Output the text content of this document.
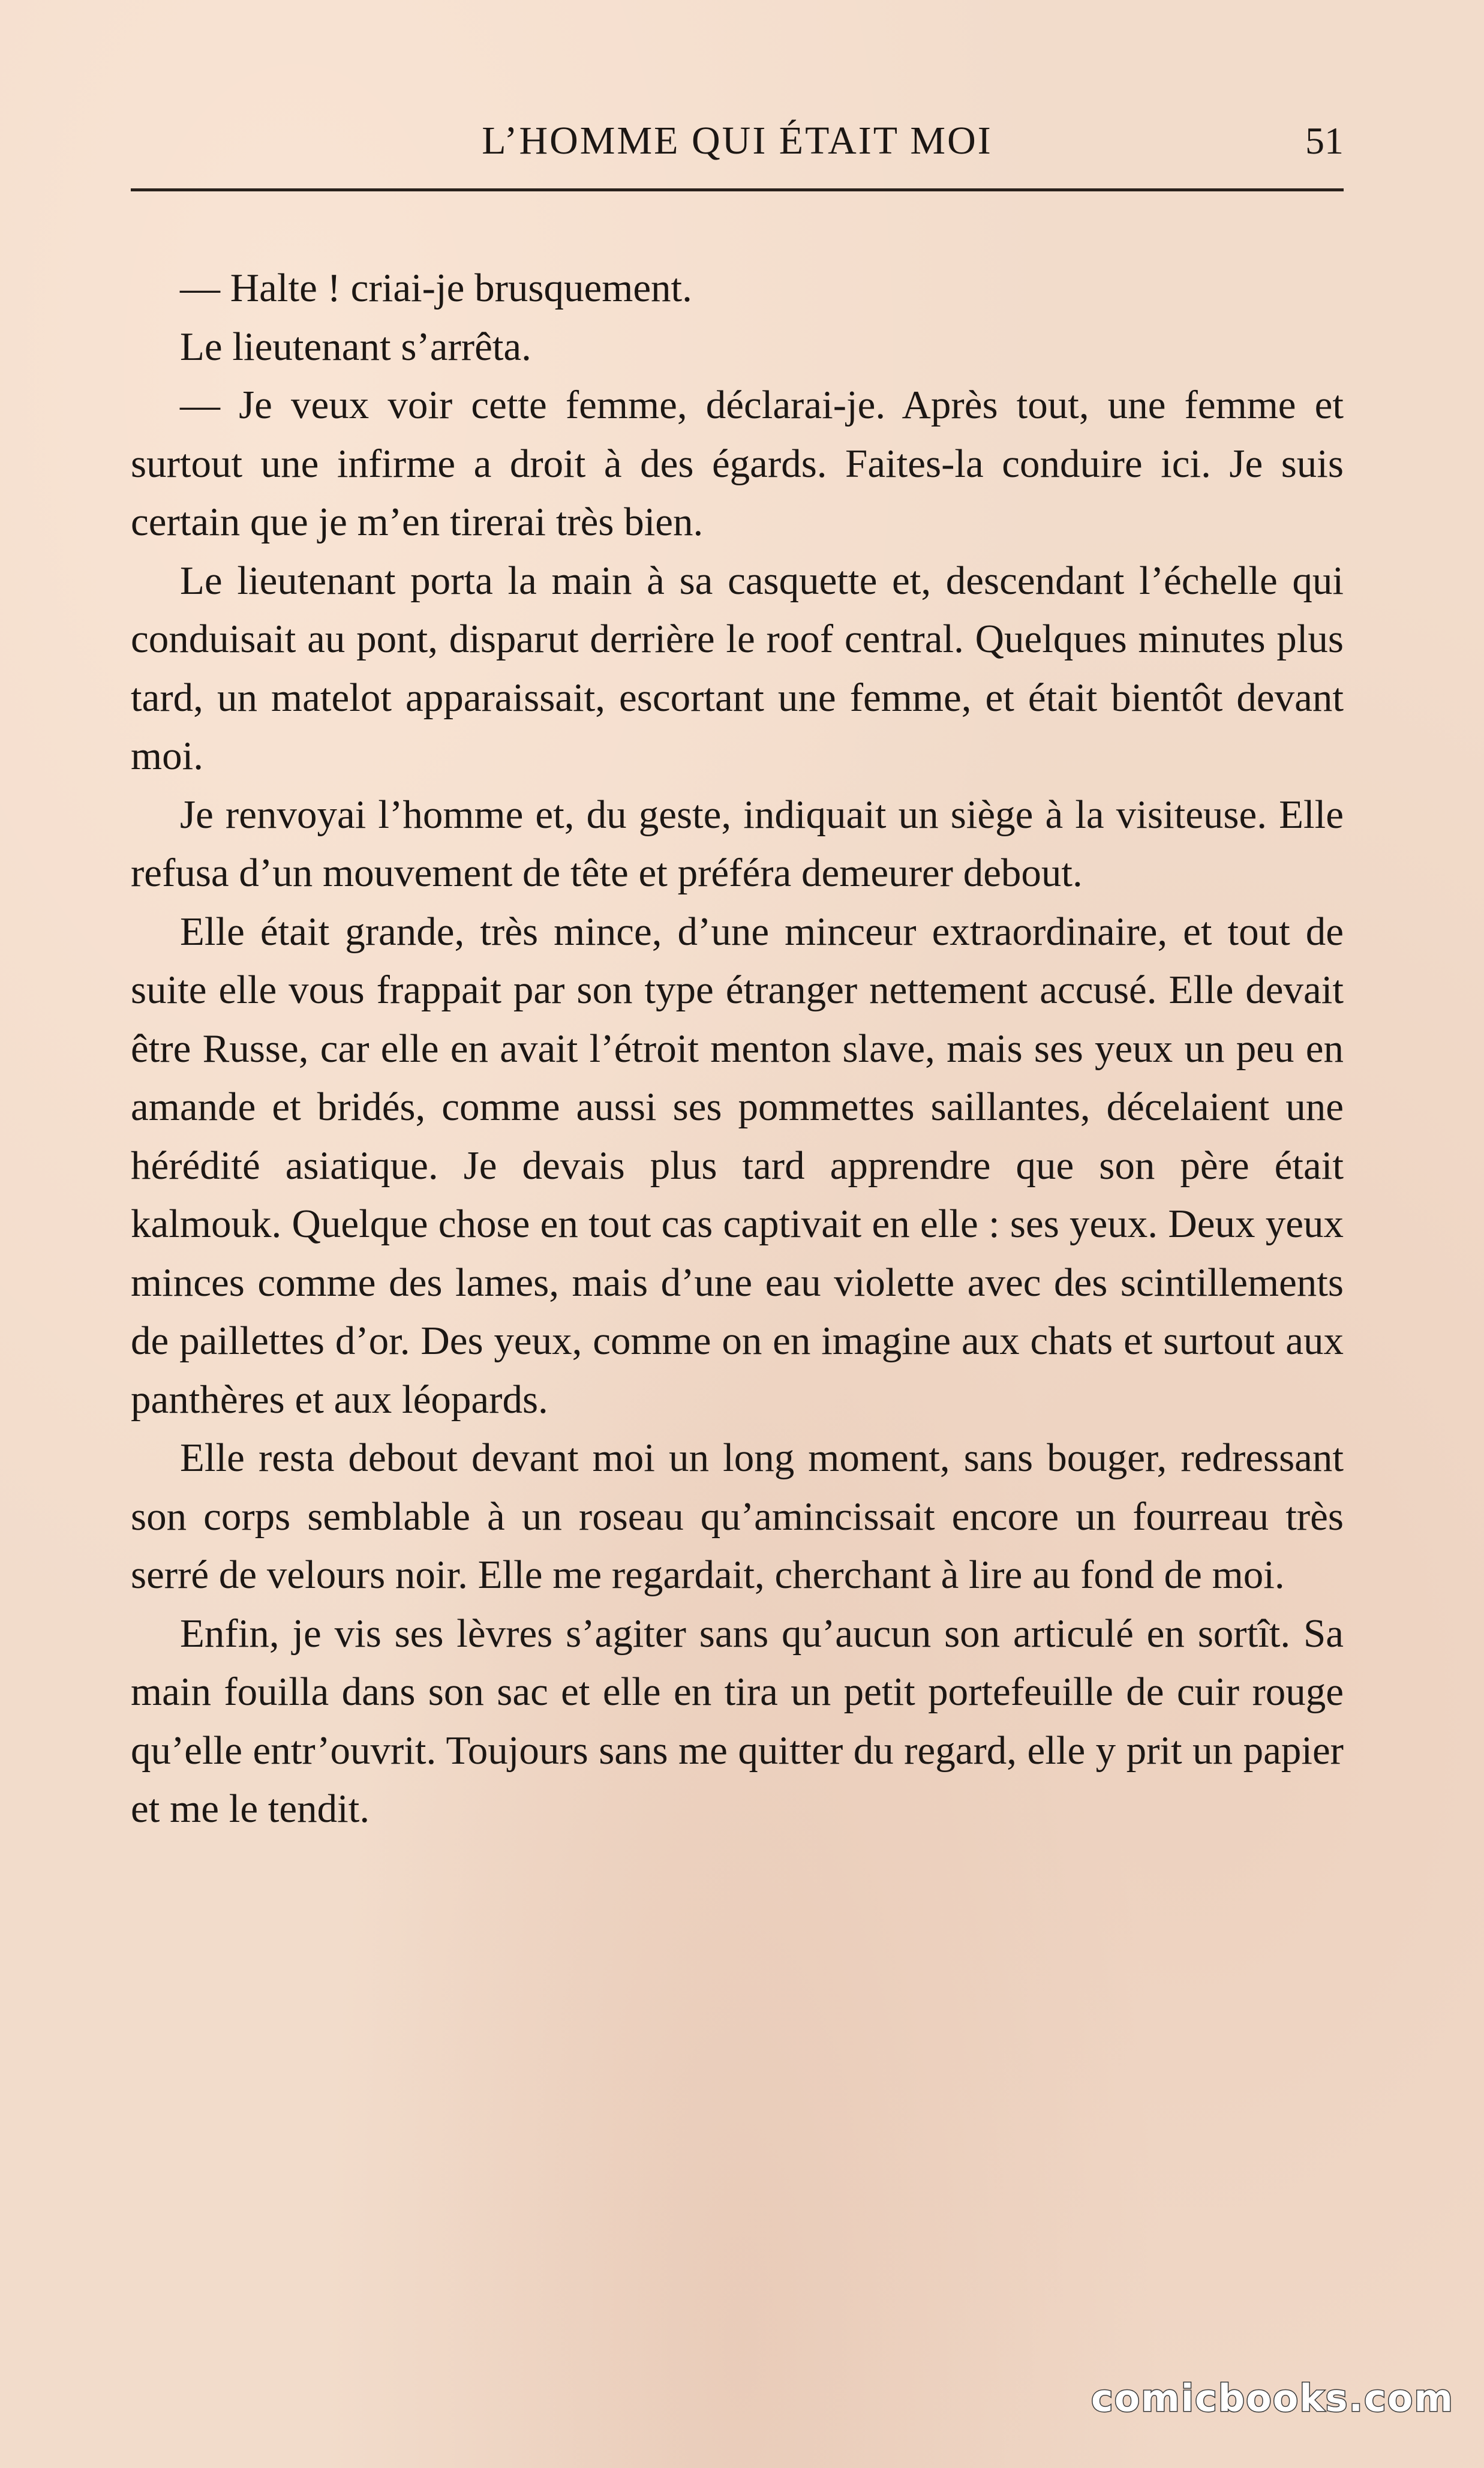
L’HOMME QUI ÉTAIT MOI	51

— Halte ! criai-je brusquement.

Le lieutenant s’arrêta.

— Je veux voir cette femme, déclarai-je. Après tout, une femme et surtout une infirme a droit à des égards. Faites-la conduire ici. Je suis certain que je m’en tirerai très bien.

Le lieutenant porta la main à sa casquette et, descendant l’échelle qui conduisait au pont, disparut derrière le roof central. Quelques minutes plus tard, un matelot apparaissait, escortant une femme, et était bientôt devant moi.

Je renvoyai l’homme et, du geste, indiquait un siège à la visiteuse. Elle refusa d’un mouvement de tête et préféra demeurer debout.

Elle était grande, très mince, d’une minceur extraordinaire, et tout de suite elle vous frappait par son type étranger nettement accusé. Elle devait être Russe, car elle en avait l’étroit menton slave, mais ses yeux un peu en amande et bridés, comme aussi ses pommettes saillantes, décelaient une hérédité asiatique. Je devais plus tard apprendre que son père était kalmouk. Quelque chose en tout cas captivait en elle : ses yeux. Deux yeux minces comme des lames, mais d’une eau violette avec des scintillements de paillettes d’or. Des yeux, comme on en imagine aux chats et surtout aux panthères et aux léopards.

Elle resta debout devant moi un long moment, sans bouger, redressant son corps semblable à un roseau qu’amincissait encore un fourreau très serré de velours noir. Elle me regardait, cherchant à lire au fond de moi.

Enfin, je vis ses lèvres s’agiter sans qu’aucun son articulé en sortît. Sa main fouilla dans son sac et elle en tira un petit portefeuille de cuir rouge qu’elle entr’ouvrit. Toujours sans me quitter du regard, elle y prit un papier et me le tendit.

comicbooks.com
